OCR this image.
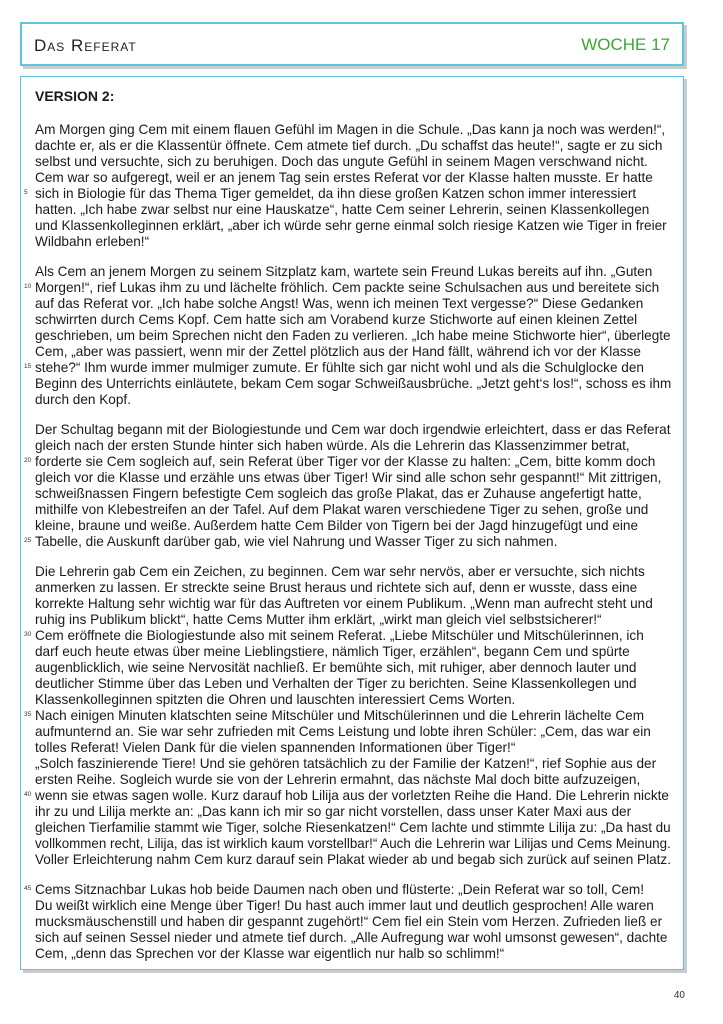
Das Referat	WOCHE 17
VERSION 2:
Am Morgen ging Cem mit einem flauen Gefühl im Magen in die Schule. „Das kann ja noch was werden!“,
dachte er, als er die Klassentür öffnete. Cem atmete tief durch. „Du schaffst das heute!“, sagte er zu sich
selbst und versuchte, sich zu beruhigen. Doch das ungute Gefühl in seinem Magen verschwand nicht.
Cem war so aufgeregt, weil er an jenem Tag sein erstes Referat vor der Klasse halten musste. Er hatte
sich in Biologie für das Thema Tiger gemeldet, da ihn diese großen Katzen schon immer interessiert
hatten. „Ich habe zwar selbst nur eine Hauskatze“, hatte Cem seiner Lehrerin, seinen Klassenkollegen
und Klassenkolleginnen erklärt, „aber ich würde sehr gerne einmal solch riesige Katzen wie Tiger in freier
Wildbahn erleben!“
Als Cem an jenem Morgen zu seinem Sitzplatz kam, wartete sein Freund Lukas bereits auf ihn. „Guten
Morgen!“, rief Lukas ihm zu und lächelte fröhlich. Cem packte seine Schulsachen aus und bereitete sich
auf das Referat vor. „Ich habe solche Angst! Was, wenn ich meinen Text vergesse?“ Diese Gedanken
schwirrten durch Cems Kopf. Cem hatte sich am Vorabend kurze Stichworte auf einen kleinen Zettel
geschrieben, um beim Sprechen nicht den Faden zu verlieren. „Ich habe meine Stichworte hier“, überlegte
Cem, „aber was passiert, wenn mir der Zettel plötzlich aus der Hand fällt, während ich vor der Klasse
stehe?“ Ihm wurde immer mulmiger zumute. Er fühlte sich gar nicht wohl und als die Schulglocke den
Beginn des Unterrichts einläutete, bekam Cem sogar Schweißausbrüche. „Jetzt geht‘s los!“, schoss es ihm
durch den Kopf.
Der Schultag begann mit der Biologiestunde und Cem war doch irgendwie erleichtert, dass er das Referat
gleich nach der ersten Stunde hinter sich haben würde. Als die Lehrerin das Klassenzimmer betrat,
forderte sie Cem sogleich auf, sein Referat über Tiger vor der Klasse zu halten: „Cem, bitte komm doch
gleich vor die Klasse und erzähle uns etwas über Tiger! Wir sind alle schon sehr gespannt!“ Mit zittrigen,
schweißnassen Fingern befestigte Cem sogleich das große Plakat, das er Zuhause angefertigt hatte,
mithilfe von Klebestreifen an der Tafel. Auf dem Plakat waren verschiedene Tiger zu sehen, große und
kleine, braune und weiße. Außerdem hatte Cem Bilder von Tigern bei der Jagd hinzugefügt und eine
Tabelle, die Auskunft darüber gab, wie viel Nahrung und Wasser Tiger zu sich nahmen.
Die Lehrerin gab Cem ein Zeichen, zu beginnen. Cem war sehr nervös, aber er versuchte, sich nichts
anmerken zu lassen. Er streckte seine Brust heraus und richtete sich auf, denn er wusste, dass eine
korrekte Haltung sehr wichtig war für das Auftreten vor einem Publikum. „Wenn man aufrecht steht und
ruhig ins Publikum blickt“, hatte Cems Mutter ihm erklärt, „wirkt man gleich viel selbstsicherer!“
Cem eröffnete die Biologiestunde also mit seinem Referat. „Liebe Mitschüler und Mitschülerinnen, ich
darf euch heute etwas über meine Lieblingstiere, nämlich Tiger, erzählen“, begann Cem und spürte
augenblicklich, wie seine Nervosität nachließ. Er bemühte sich, mit ruhiger, aber dennoch lauter und
deutlicher Stimme über das Leben und Verhalten der Tiger zu berichten. Seine Klassenkollegen und
Klassenkolleginnen spitzten die Ohren und lauschten interessiert Cems Worten.
Nach einigen Minuten klatschten seine Mitschüler und Mitschülerinnen und die Lehrerin lächelte Cem
aufmunternd an. Sie war sehr zufrieden mit Cems Leistung und lobte ihren Schüler: „Cem, das war ein
tolles Referat! Vielen Dank für die vielen spannenden Informationen über Tiger!“
„Solch faszinierende Tiere! Und sie gehören tatsächlich zu der Familie der Katzen!“, rief Sophie aus der
ersten Reihe. Sogleich wurde sie von der Lehrerin ermahnt, das nächste Mal doch bitte aufzuzeigen,
wenn sie etwas sagen wolle. Kurz darauf hob Lilija aus der vorletzten Reihe die Hand. Die Lehrerin nickte
ihr zu und Lilija merkte an: „Das kann ich mir so gar nicht vorstellen, dass unser Kater Maxi aus der
gleichen Tierfamilie stammt wie Tiger, solche Riesenkatzen!“ Cem lachte und stimmte Lilija zu: „Da hast du
vollkommen recht, Lilija, das ist wirklich kaum vorstellbar!“ Auch die Lehrerin war Lilijas und Cems Meinung.
Voller Erleichterung nahm Cem kurz darauf sein Plakat wieder ab und begab sich zurück auf seinen Platz.
Cems Sitznachbar Lukas hob beide Daumen nach oben und flüsterte: „Dein Referat war so toll, Cem!
Du weißt wirklich eine Menge über Tiger! Du hast auch immer laut und deutlich gesprochen! Alle waren
mucksmäuschenstill und haben dir gespannt zugehört!“ Cem fiel ein Stein vom Herzen. Zufrieden ließ er
sich auf seinen Sessel nieder und atmete tief durch. „Alle Aufregung war wohl umsonst gewesen“, dachte
Cem, „denn das Sprechen vor der Klasse war eigentlich nur halb so schlimm!“
5
10
15
20
25
30
35
40
45
40
